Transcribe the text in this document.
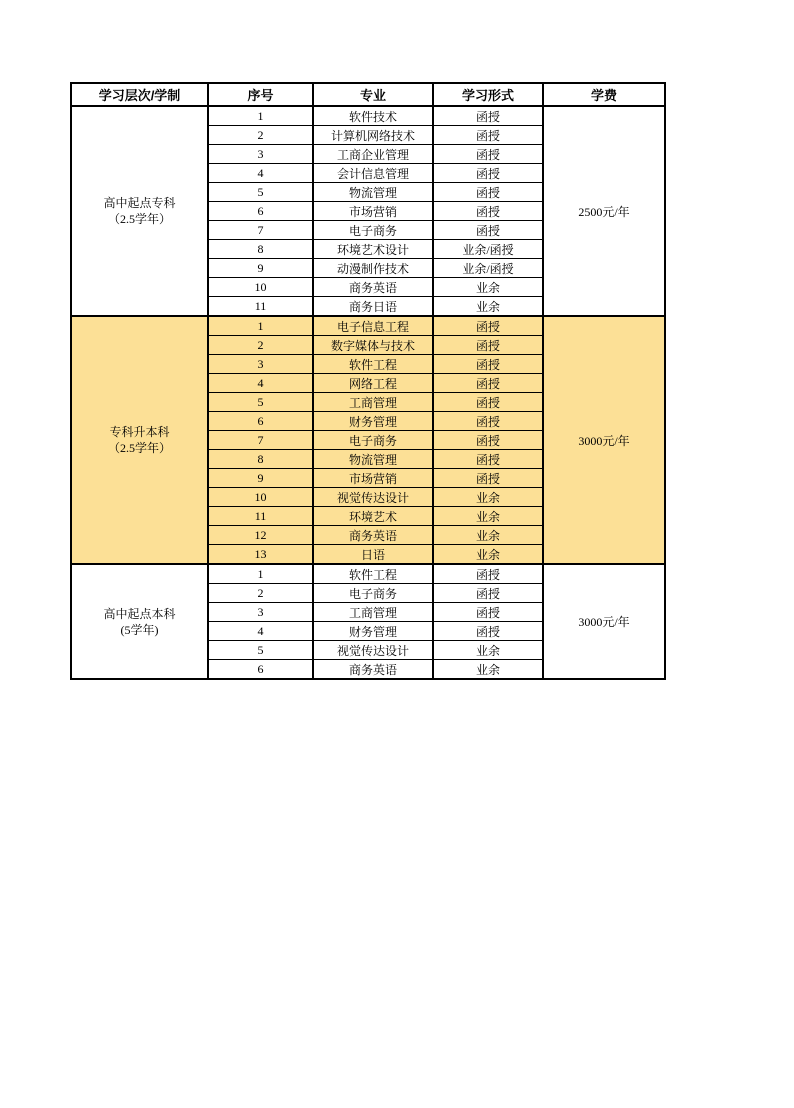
学习层次/学制	序号	专业	学习形式	学费

高中起点专科
（2.5学年）	1	软件技术	函授	2500元/年
	2	计算机网络技术	函授	
	3	工商企业管理	函授	
	4	会计信息管理	函授	
	5	物流管理	函授	
	6	市场营销	函授	
	7	电子商务	函授	
	8	环境艺术设计	业余/函授	
	9	动漫制作技术	业余/函授	
	10	商务英语	业余	
	11	商务日语	业余	

专科升本科
（2.5学年）	1	电子信息工程	函授	3000元/年
	2	数字媒体与技术	函授	
	3	软件工程	函授	
	4	网络工程	函授	
	5	工商管理	函授	
	6	财务管理	函授	
	7	电子商务	函授	
	8	物流管理	函授	
	9	市场营销	函授	
	10	视觉传达设计	业余	
	11	环境艺术	业余	
	12	商务英语	业余	
	13	日语	业余	

高中起点本科
(5学年)	1	软件工程	函授	3000元/年
	2	电子商务	函授	
	3	工商管理	函授	
	4	财务管理	函授	
	5	视觉传达设计	业余	
	6	商务英语	业余	
